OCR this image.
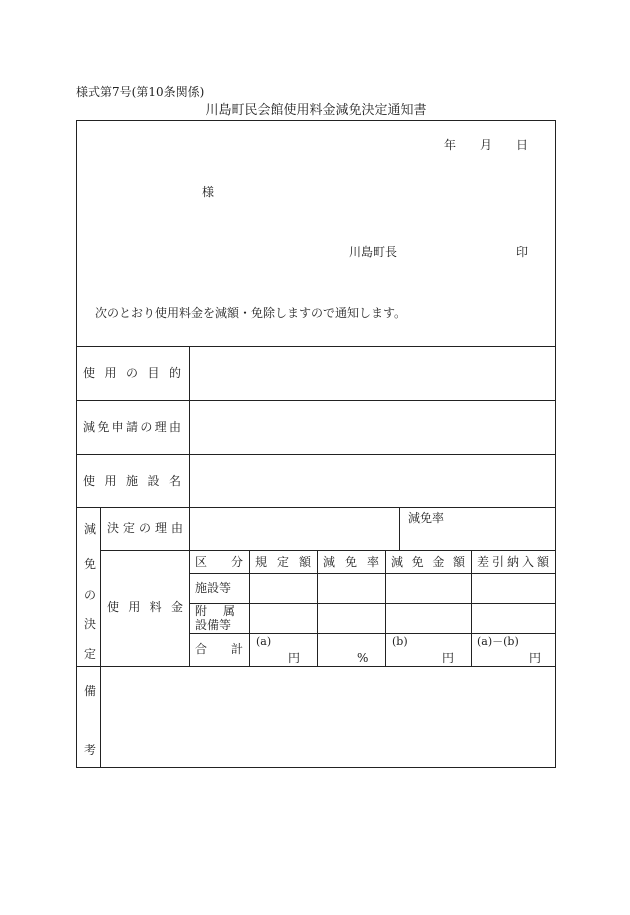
様式第7号(第10条関係)
川島町民会館使用料金減免決定通知書
年 月 日
様
川島町長	印
次のとおり使用料金を減額・免除しますので通知します。
使 用 の 目 的
減 免 申 請 の 理 由
使 用 施 設 名
減
免
の
決
定
決 定 の 理 由
減免率
使 用 料 金
区 分 規 定 額 減 免 率 減 免 金 額 差 引 納 入 額
施設等
附 属
設備等
合 計
(a)
円	%
(b)
円
(a)－(b)
円
備
考
